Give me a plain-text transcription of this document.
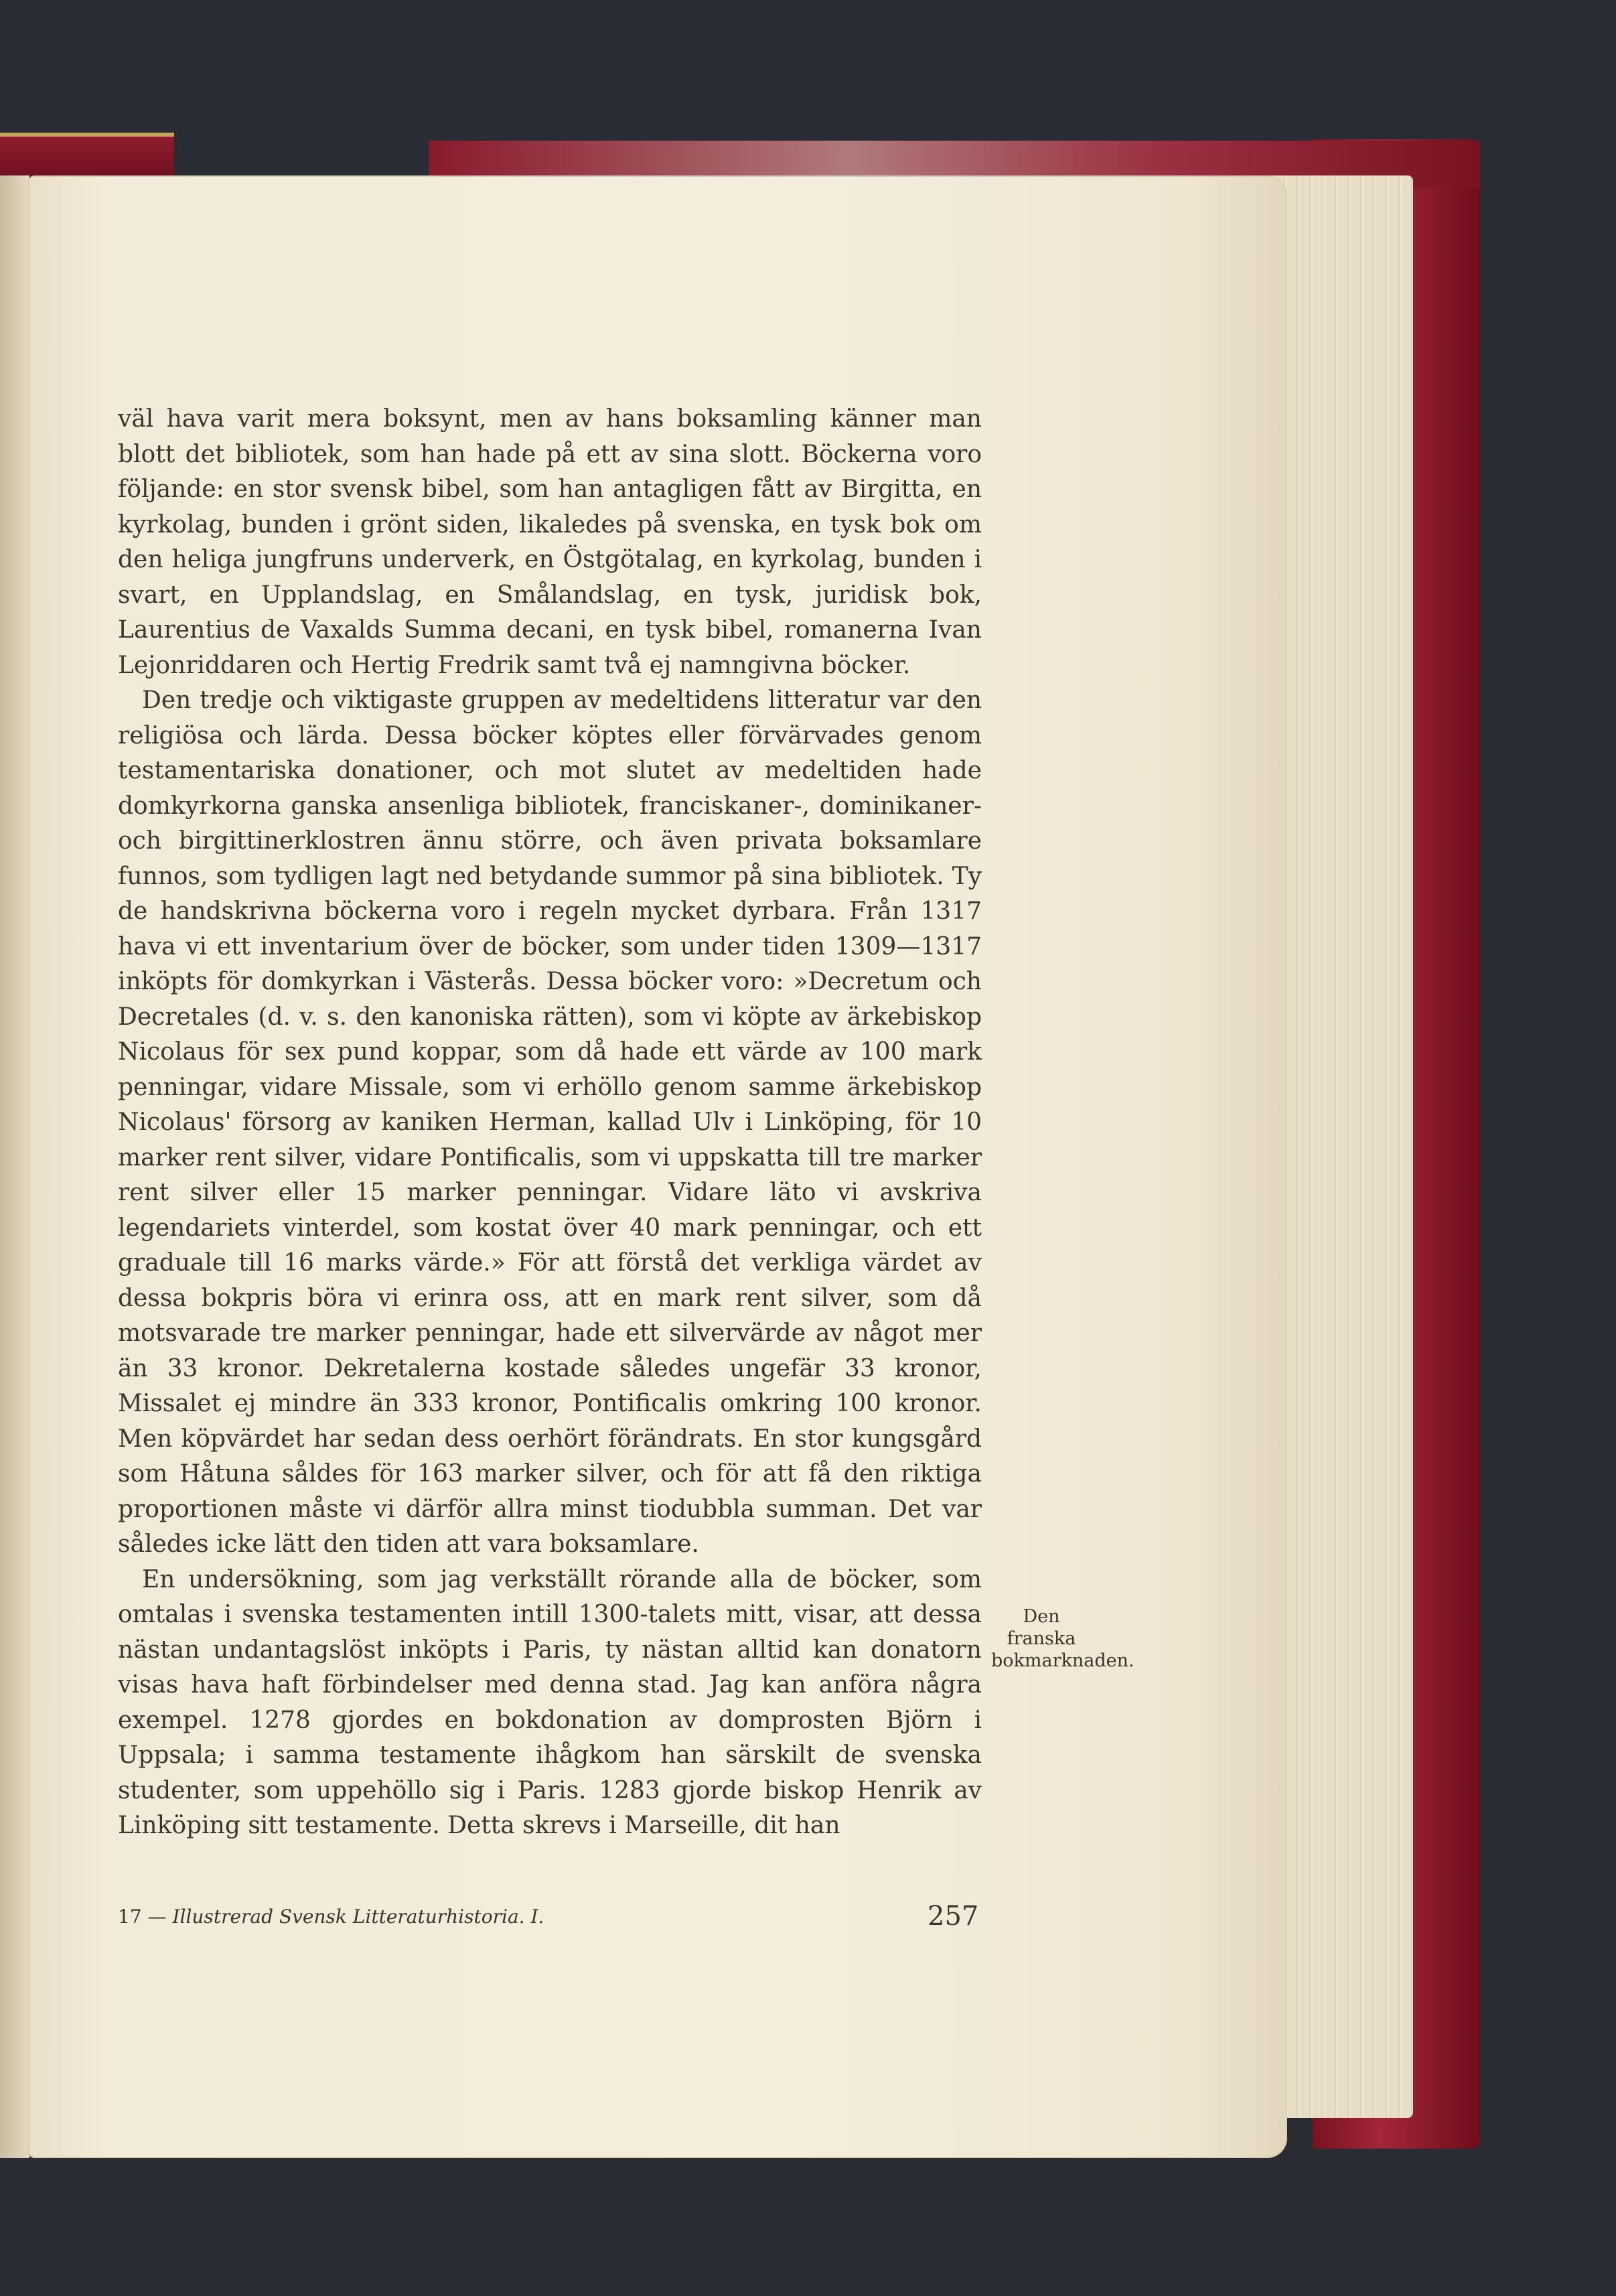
väl hava varit mera boksynt, men av hans boksamling känner man blott det bibliotek, som han hade på ett av sina slott. Böckerna voro följande: en stor svensk bibel, som han antagligen fått av Birgitta, en kyrkolag, bunden i grönt siden, likaledes på svenska, en tysk bok om den heliga jungfruns underverk, en Östgötalag, en kyrkolag, bunden i svart, en Upplandslag, en Smålandslag, en tysk, juridisk bok, Laurentius de Vaxalds Summa decani, en tysk bibel, romanerna Ivan Lejonriddaren och Hertig Fredrik samt två ej namngivna böcker.

Den tredje och viktigaste gruppen av medeltidens litteratur var den religiösa och lärda. Dessa böcker köptes eller förvärvades genom testamentariska donationer, och mot slutet av medeltiden hade domkyrkorna ganska ansenliga bibliotek, franciskaner-, dominikaner- och birgittinerklostren ännu större, och även privata boksamlare funnos, som tydligen lagt ned betydande summor på sina bibliotek. Ty de handskrivna böckerna voro i regeln mycket dyrbara. Från 1317 hava vi ett inventarium över de böcker, som under tiden 1309—1317 inköpts för domkyrkan i Västerås. Dessa böcker voro: »Decretum och Decretales (d. v. s. den kanoniska rätten), som vi köpte av ärkebiskop Nicolaus för sex pund koppar, som då hade ett värde av 100 mark penningar, vidare Missale, som vi erhöllo genom samme ärkebiskop Nicolaus' försorg av kaniken Herman, kallad Ulv i Linköping, för 10 marker rent silver, vidare Pontificalis, som vi uppskatta till tre marker rent silver eller 15 marker penningar. Vidare läto vi avskriva legendariets vinterdel, som kostat över 40 mark penningar, och ett graduale till 16 marks värde.» För att förstå det verkliga värdet av dessa bokpris böra vi erinra oss, att en mark rent silver, som då motsvarade tre marker penningar, hade ett silvervärde av något mer än 33 kronor. Dekretalerna kostade således ungefär 33 kronor, Missalet ej mindre än 333 kronor, Pontificalis omkring 100 kronor. Men köpvärdet har sedan dess oerhört förändrats. En stor kungsgård som Håtuna såldes för 163 marker silver, och för att få den riktiga proportionen måste vi därför allra minst tiodubbla summan. Det var således icke lätt den tiden att vara boksamlare.

En undersökning, som jag verkställt rörande alla de böcker, som omtalas i svenska testamenten intill 1300-talets mitt, visar, att dessa nästan undantagslöst inköpts i Paris, ty nästan alltid kan donatorn visas hava haft förbindelser med denna stad. Jag kan anföra några exempel. 1278 gjordes en bokdonation av domprosten Björn i Uppsala; i samma testamente ihågkom han särskilt de svenska studenter, som uppehöllo sig i Paris. 1283 gjorde biskop Henrik av Linköping sitt testamente. Detta skrevs i Marseille, dit han

Den franska bokmarknaden.
17 — Illustrerad Svensk Litteraturhistoria. I.	257
